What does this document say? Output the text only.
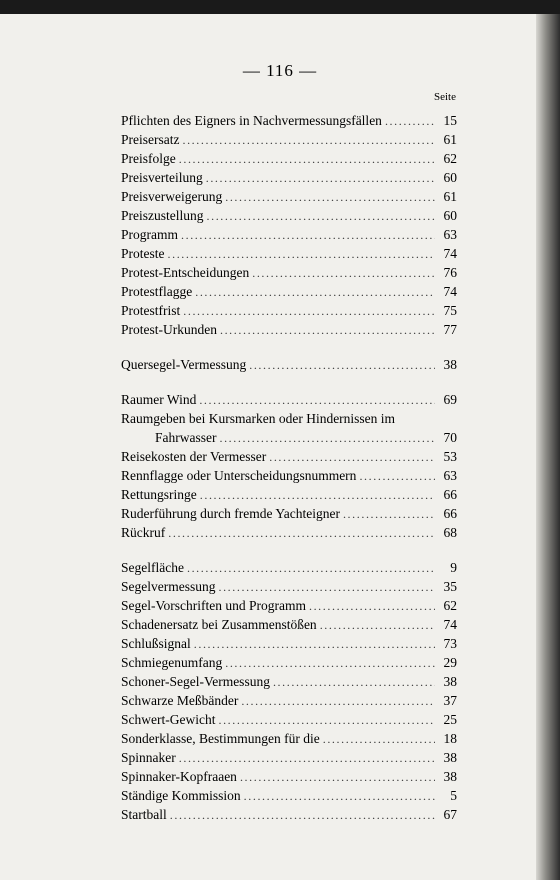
— 116 —
Seite
Pflichten des Eigners in Nachvermessungsfällen . . .	15
Preisersatz . . .	61
Preisfolge . . .	62
Preisverteilung . . .	60
Preisverweigerung . . .	61
Preiszustellung . . .	60
Programm . . .	63
Proteste . . .	74
Protest-Entscheidungen . . .	76
Protestflagge . . .	74
Protestfrist . . .	75
Protest-Urkunden . . .	77
Quersegel-Vermessung . . .	38
Raumer Wind . . .	69
Raumgeben bei Kursmarken oder Hindernissen im
Fahrwasser . . .	70
Reisekosten der Vermesser . . .	53
Rennflagge oder Unterscheidungsnummern . . .	63
Rettungsringe . . .	66
Ruderführung durch fremde Yachteigner . . .	66
Rückruf . . .	68
Segelfläche . . .	9
Segelvermessung . . .	35
Segel-Vorschriften und Programm . . .	62
Schadenersatz bei Zusammenstößen . . .	74
Schlußsignal . . .	73
Schmiegenumfang . . .	29
Schoner-Segel-Vermessung . . .	38
Schwarze Meßbänder . . .	37
Schwert-Gewicht . . .	25
Sonderklasse, Bestimmungen für die . . .	18
Spinnaker . . .	38
Spinnaker-Kopfraaen . . .	38
Ständige Kommission . . .	5
Startball . . .	67
